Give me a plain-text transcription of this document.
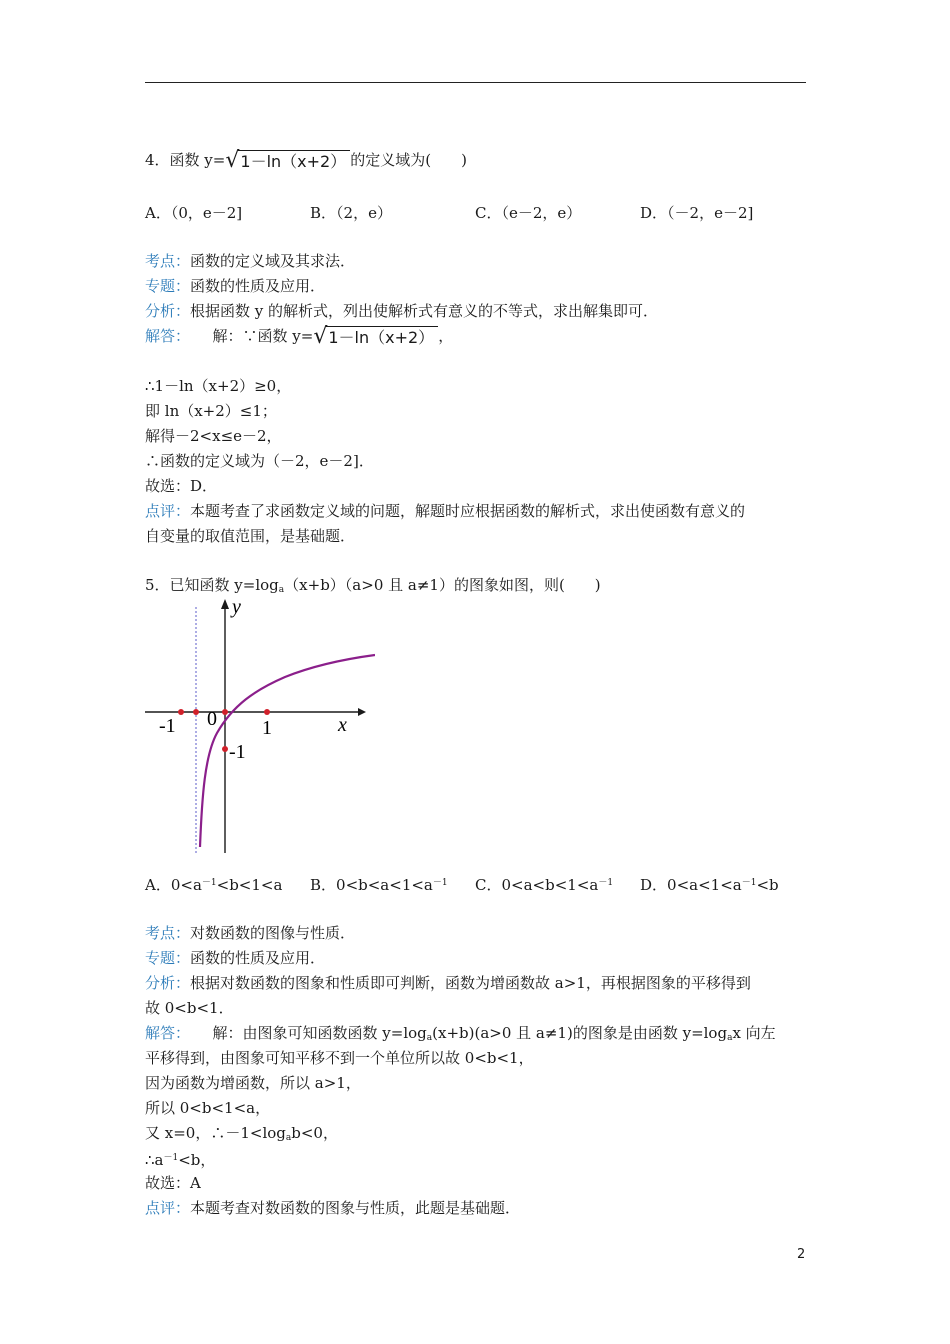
4．函数 y=√1－ln（x+2） 的定义域为(　　)
A．（0，e－2]	B．（2，e）	C．（e－2，e）	D．（－2，e－2]
考点：函数的定义域及其求法．
专题：函数的性质及应用．
分析：根据函数 y 的解析式，列出使解析式有意义的不等式，求出解集即可．
解答：　　解：∵函数 y=√1－ln（x+2） ，
∴1－ln（x+2）≥0，
即 ln（x+2）≤1；
解得－2<x≤e－2，
∴函数的定义域为（－2，e－2]．
故选：D．
点评：本题考查了求函数定义域的问题，解题时应根据函数的解析式，求出使函数有意义的
自变量的取值范围，是基础题．
5．已知函数 $y=\log_a(x+b)(a>0$ 且 a≠1）的图象如图，则(　　)
y
x
-1 0 1
-1
A．$0<a^{-1}<b<1<a$ B．$0<b<a<1<a^{-1}$ C．$0<a<b<1<a^{-1}$ D．$0<a<1<a^{-1}<b$
考点：对数函数的图像与性质．
专题：函数的性质及应用．
分析：根据对数函数的图象和性质即可判断，函数为增函数故 a>1，再根据图象的平移得到
故 0<b<1．
解答：　　解：由图象可知函数函数 $y=\log_a(x+b)(a>0$ 且 a≠1)的图象是由函数 $y=\log_ax$ 向左
平移得到，由图象可知平移不到一个单位所以故 0<b<1，
因为函数为增函数，所以 a>1，
所以 0<b<1<a，
又 x=0，$\therefore-1<\log_ab<0$，
$\therefore a^{-1}<b$，
故选：A
点评：本题考查对数函数的图象与性质，此题是基础题．
2
